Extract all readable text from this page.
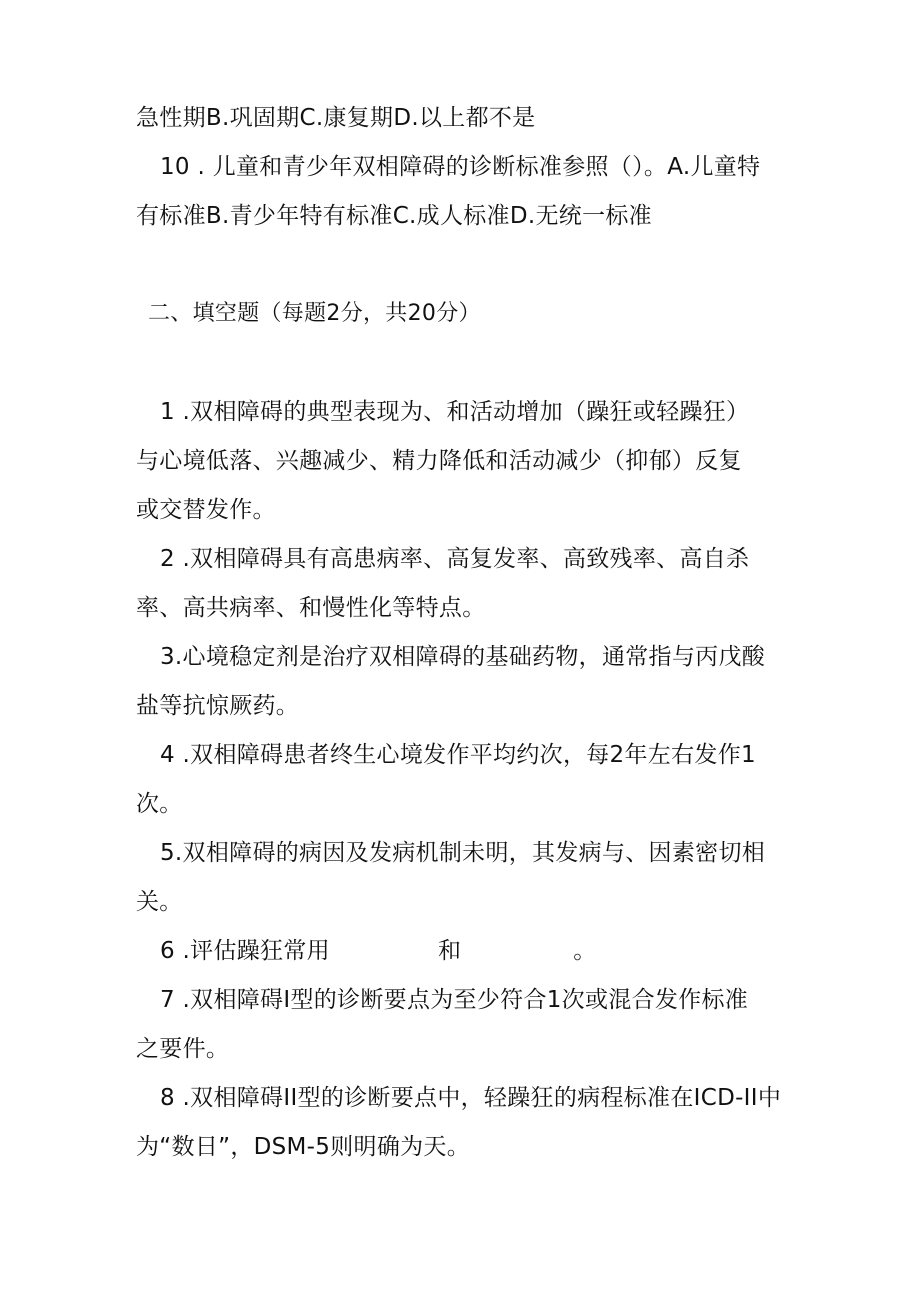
急性期B.巩固期C.康复期D.以上都不是
10 . 儿童和青少年双相障碍的诊断标准参照（）。A.儿童特
有标准B.青少年特有标准C.成人标准D.无统一标准
二、填空题（每题2分，共20分）
1 .双相障碍的典型表现为、和活动增加（躁狂或轻躁狂）
与心境低落、兴趣减少、精力降低和活动减少（抑郁）反复
或交替发作。
2 .双相障碍具有高患病率、高复发率、高致残率、高自杀
率、高共病率、和慢性化等特点。
3.心境稳定剂是治疗双相障碍的基础药物，通常指与丙戊酸
盐等抗惊厥药。
4 .双相障碍患者终生心境发作平均约次，每2年左右发作1
次。
5.双相障碍的病因及发病机制未明，其发病与、因素密切相
关。
6 .评估躁狂常用	和	。
7 .双相障碍I型的诊断要点为至少符合1次或混合发作标准
之要件。
8 .双相障碍II型的诊断要点中，轻躁狂的病程标准在ICD-II中
为“数日”，DSM-5则明确为天。
